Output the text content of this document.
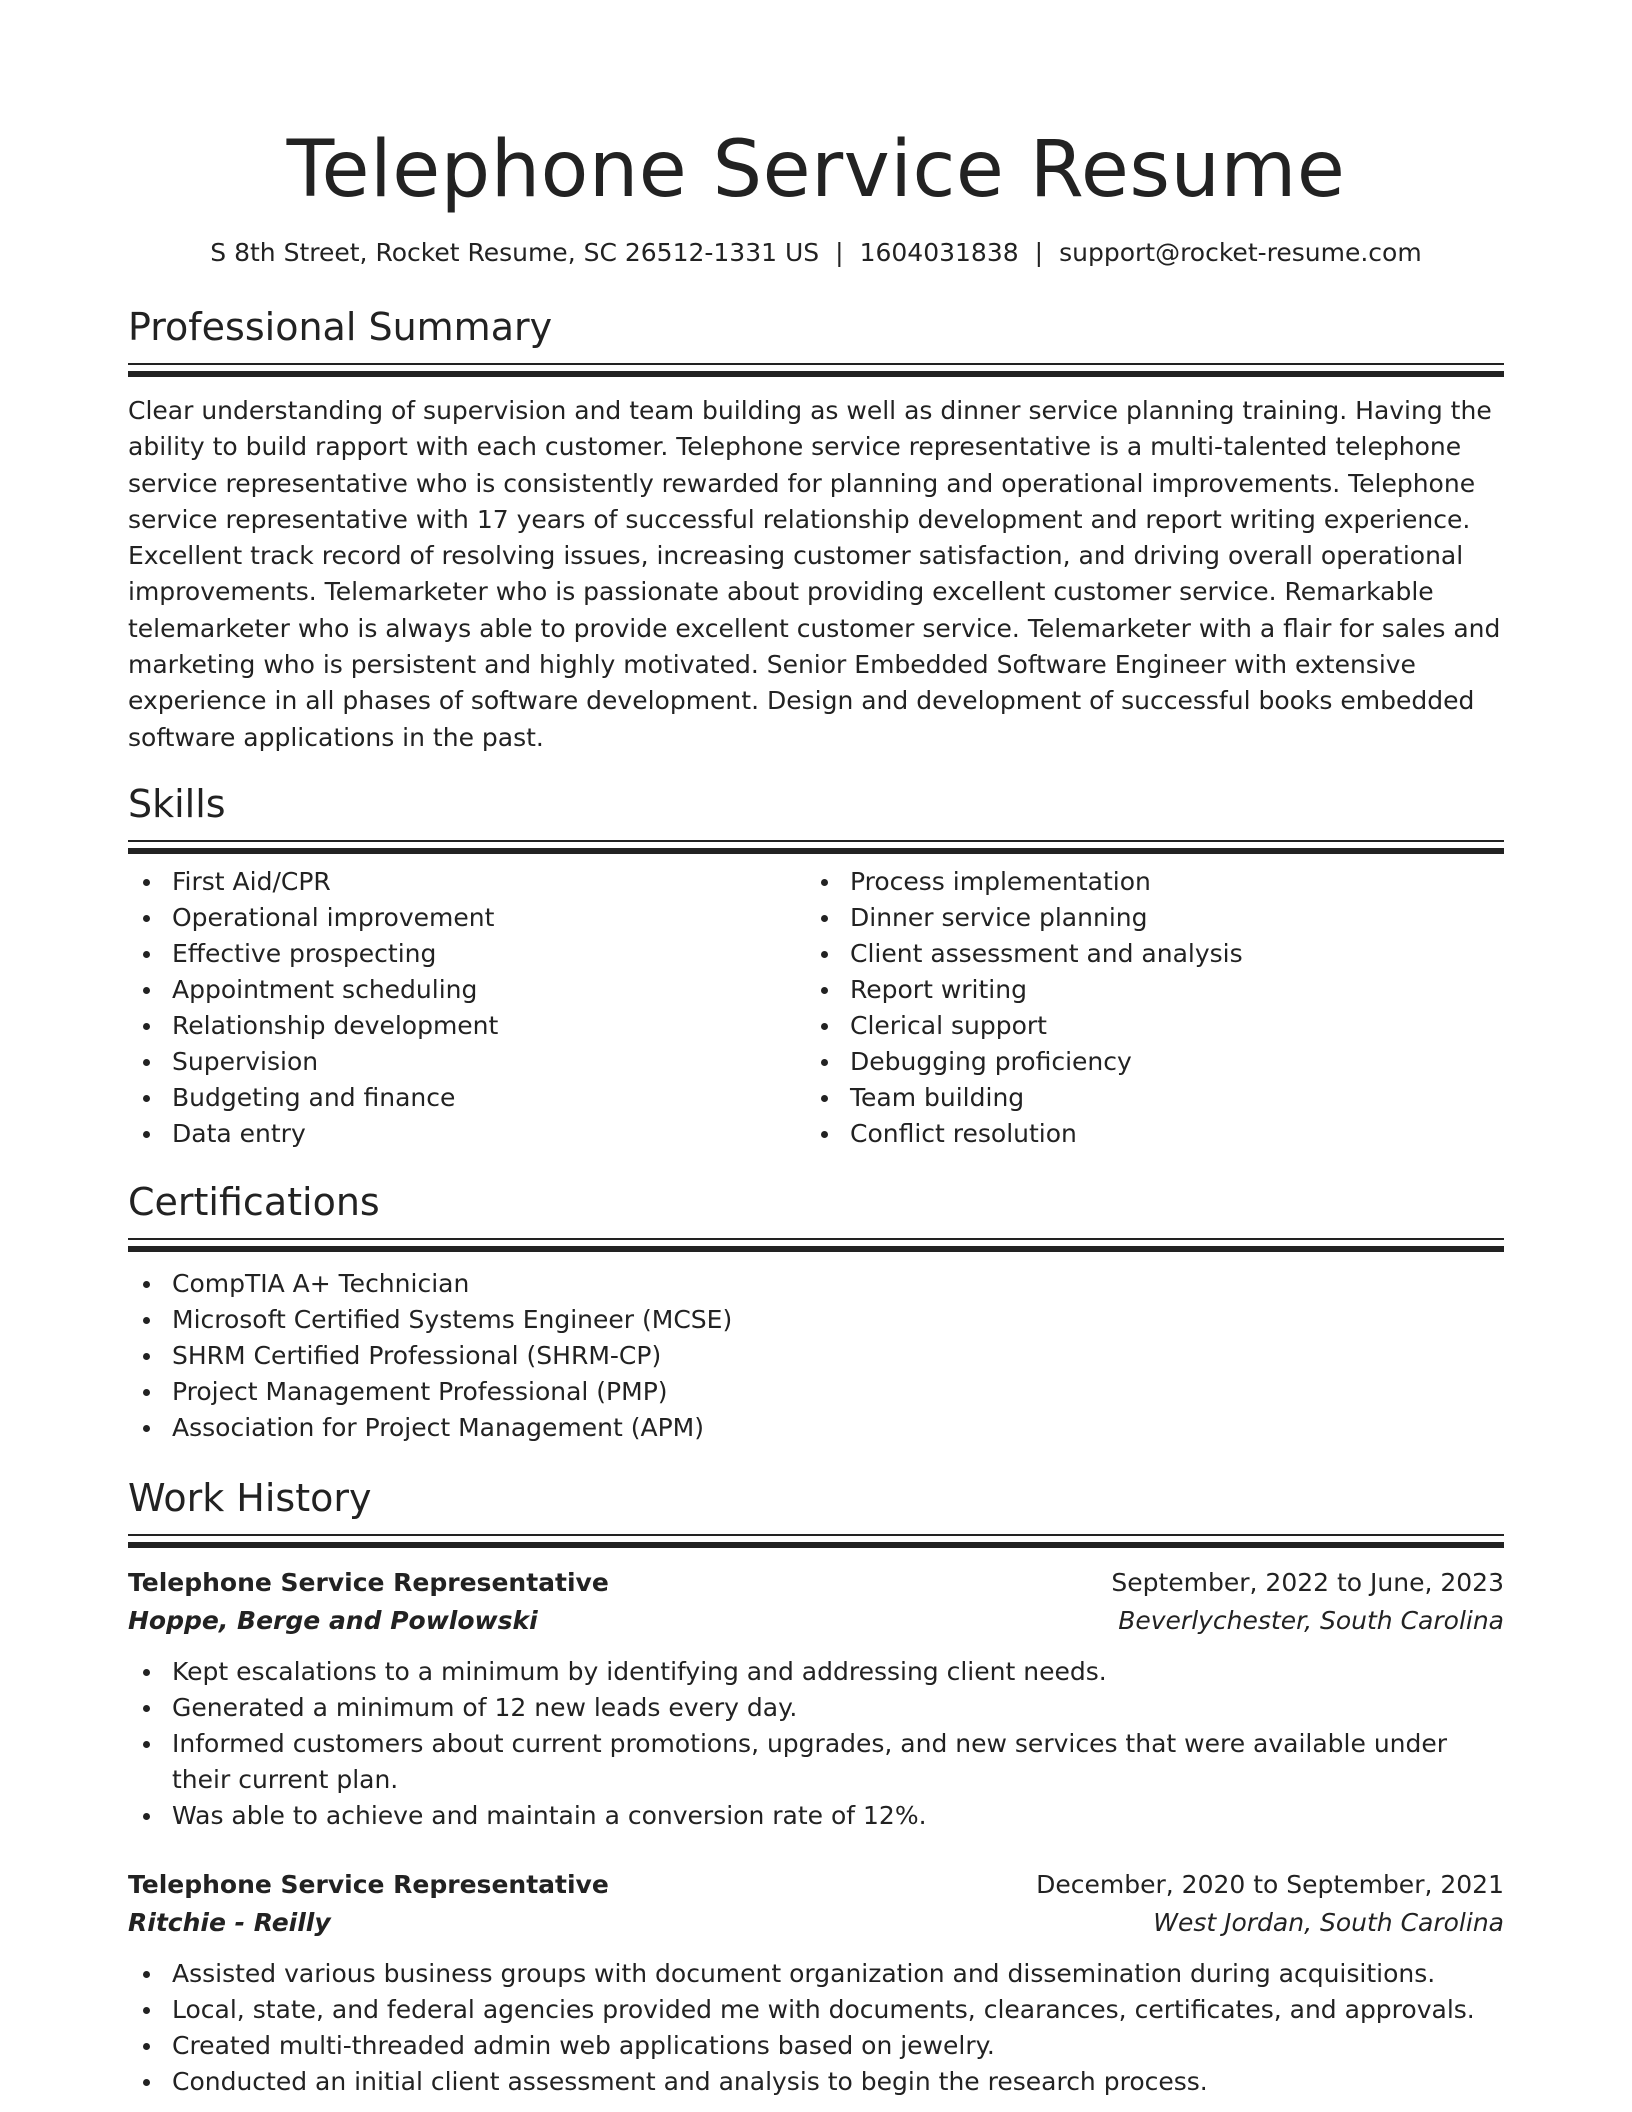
Telephone Service Resume
S 8th Street, Rocket Resume, SC 26512-1331 US | 1604031838 | support@rocket-resume.com
Professional Summary

Clear understanding of supervision and team building as well as dinner service planning training. Having the ability to build rapport with each customer. Telephone service representative is a multi-talented telephone service representative who is consistently rewarded for planning and operational improvements. Telephone service representative with 17 years of successful relationship development and report writing experience. Excellent track record of resolving issues, increasing customer satisfaction, and driving overall operational improvements. Telemarketer who is passionate about providing excellent customer service. Remarkable telemarketer who is always able to provide excellent customer service. Telemarketer with a flair for sales and marketing who is persistent and highly motivated. Senior Embedded Software Engineer with extensive experience in all phases of software development. Design and development of successful books embedded software applications in the past.

Skills
First Aid/CPR
Operational improvement
Effective prospecting
Appointment scheduling
Relationship development
Supervision
Budgeting and finance
Data entry
Process implementation
Dinner service planning
Client assessment and analysis
Report writing
Clerical support
Debugging proficiency
Team building
Conflict resolution
Certifications
CompTIA A+ Technician
Microsoft Certified Systems Engineer (MCSE)
SHRM Certified Professional (SHRM-CP)
Project Management Professional (PMP)
Association for Project Management (APM)
Work History
Telephone Service Representative	September, 2022 to June, 2023
Hoppe, Berge and Powlowski	Beverlychester, South Carolina
Kept escalations to a minimum by identifying and addressing client needs.
Generated a minimum of 12 new leads every day.
Informed customers about current promotions, upgrades, and new services that were available under their current plan.
Was able to achieve and maintain a conversion rate of 12%.
Telephone Service Representative	December, 2020 to September, 2021
Ritchie - Reilly	West Jordan, South Carolina
Assisted various business groups with document organization and dissemination during acquisitions.
Local, state, and federal agencies provided me with documents, clearances, certificates, and approvals.
Created multi-threaded admin web applications based on jewelry.
Conducted an initial client assessment and analysis to begin the research process.
